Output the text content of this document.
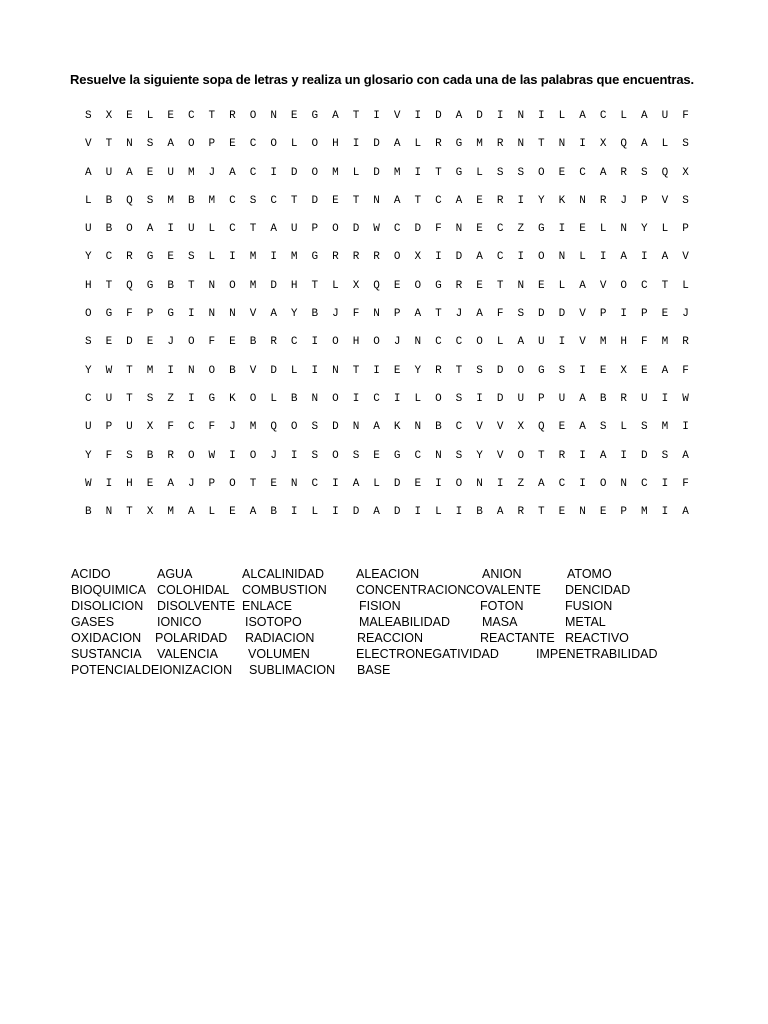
Resuelve la siguiente sopa de letras y realiza un glosario con cada una de las palabras que encuentras.
S	X	E	L	E	C	T	R	O	N	E	G	A	T	I	V	I	D	A	D	I	N	I	L	A	C	L	A	U	F
V	T	N	S	A	O	P	E	C	O	L	O	H	I	D	A	L	R	G	M	R	N	T	N	I	X	Q	A	L	S
A	U	A	E	U	M	J	A	C	I	D	O	M	L	D	M	I	T	G	L	S	S	O	E	C	A	R	S	Q	X
L	B	Q	S	M	B	M	C	S	C	T	D	E	T	N	A	T	C	A	E	R	I	Y	K	N	R	J	P	V	S
U	B	O	A	I	U	L	C	T	A	U	P	O	D	W	C	D	F	N	E	C	Z	G	I	E	L	N	Y	L	P
Y	C	R	G	E	S	L	I	M	I	M	G	R	R	R	O	X	I	D	A	C	I	O	N	L	I	A	I	A	V
H	T	Q	G	B	T	N	O	M	D	H	T	L	X	Q	E	O	G	R	E	T	N	E	L	A	V	O	C	T	L
O	G	F	P	G	I	N	N	V	A	Y	B	J	F	N	P	A	T	J	A	F	S	D	D	V	P	I	P	E	J
S	E	D	E	J	O	F	E	B	R	C	I	O	H	O	J	N	C	C	O	L	A	U	I	V	M	H	F	M	R
Y	W	T	M	I	N	O	B	V	D	L	I	N	T	I	E	Y	R	T	S	D	O	G	S	I	E	X	E	A	F
C	U	T	S	Z	I	G	K	O	L	B	N	O	I	C	I	L	O	S	I	D	U	P	U	A	B	R	U	I	W
U	P	U	X	F	C	F	J	M	Q	O	S	D	N	A	K	N	B	C	V	V	X	Q	E	A	S	L	S	M	I
Y	F	S	B	R	O	W	I	O	J	I	S	O	S	E	G	C	N	S	Y	V	O	T	R	I	A	I	D	S	A
W	I	H	E	A	J	P	O	T	E	N	C	I	A	L	D	E	I	O	N	I	Z	A	C	I	O	N	C	I	F
B	N	T	X	M	A	L	E	A	B	I	L	I	D	A	D	I	L	I	B	A	R	T	E	N	E	P	M	I	A
ACIDO	AGUA	ALCALINIDAD	ALEACION	ANION	ATOMO
BIOQUIMICA COLOHIDAL COMBUSTION CONCENTRACION COVALENTE DENCIDAD
DISOLICION DISOLVENTE ENLACE	FISION	FOTON	FUSION
GASES	IONICO	ISOTOPO	MALEABILIDAD	MASA	METAL
OXIDACION POLARIDAD RADIACION	REACCION	REACTANTE REACTIVO
SUSTANCIA VALENCIA VOLUMEN	ELECTRONEGATIVIDAD	IMPENETRABILIDAD
POTENCIALDEIONIZACION SUBLIMACION BASE
